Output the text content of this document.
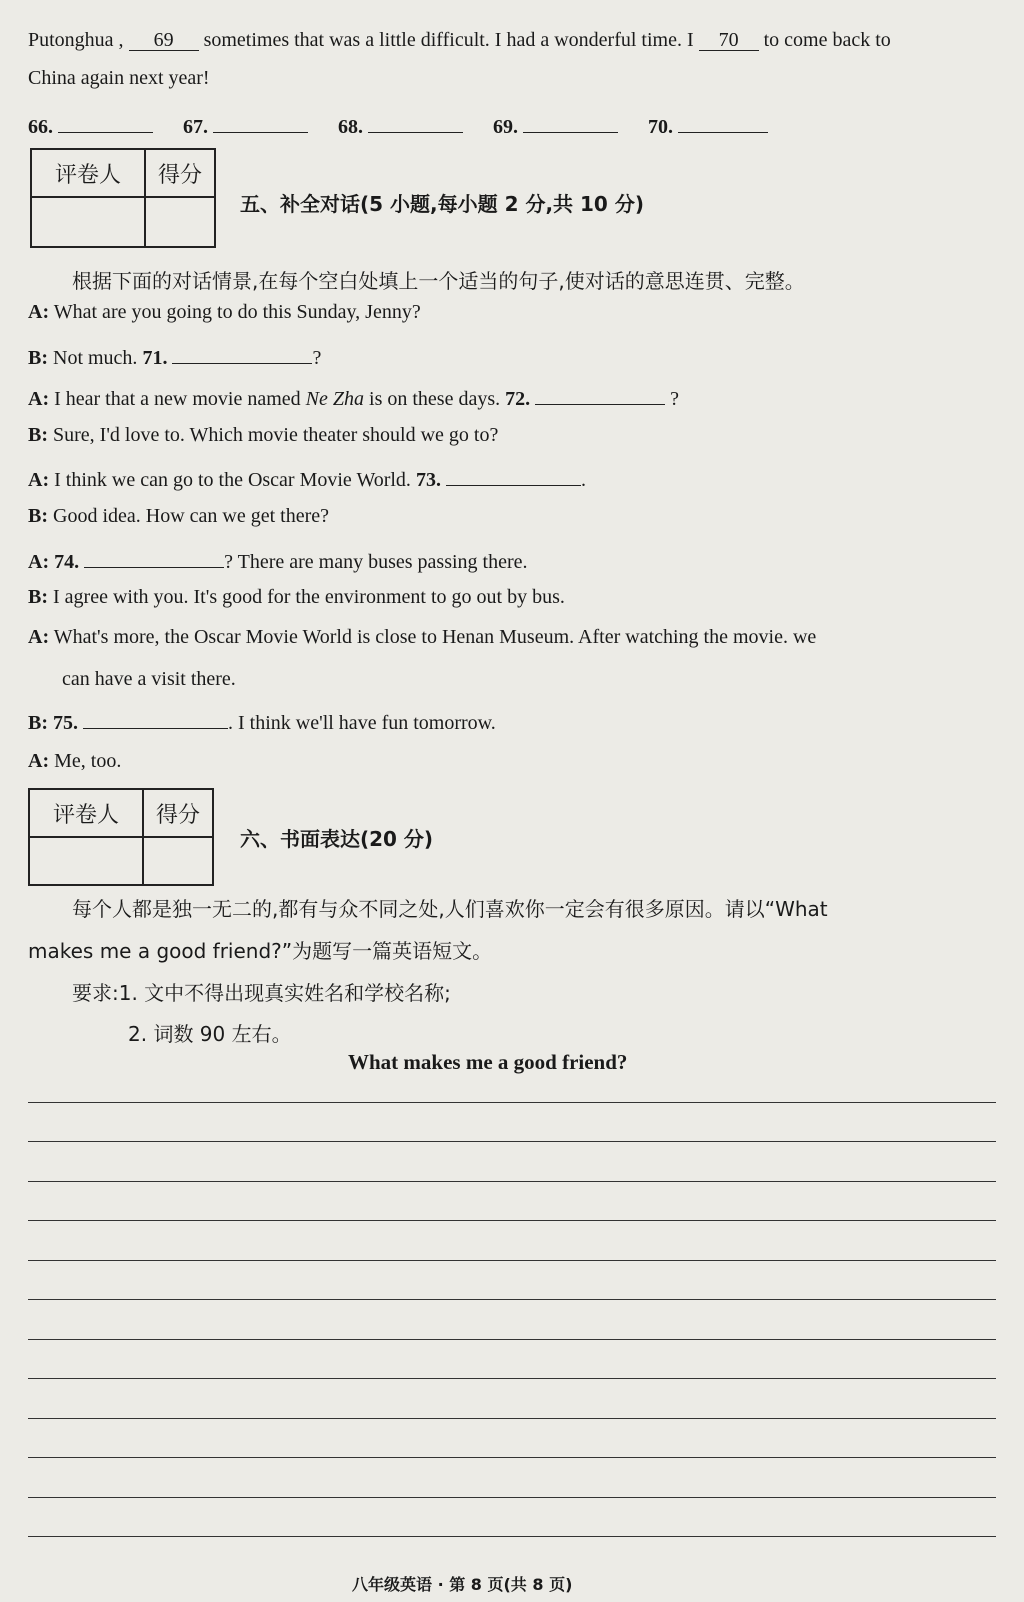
Putonghua , 69 sometimes that was a little difficult. I had a wonderful time. I 70 to come back to
China again next year!
66.	67.	68.	69.	70.
评卷人	得分

五、补全对话(5 小题,每小题 2 分,共 10 分)
根据下面的对话情景,在每个空白处填上一个适当的句子,使对话的意思连贯、完整。
A: What are you going to do this Sunday, Jenny?
B: Not much. 71.	?
A: I hear that a new movie named Ne Zha is on these days. 72.	?
B: Sure, I'd love to. Which movie theater should we go to?
A: I think we can go to the Oscar Movie World. 73.	.
B: Good idea. How can we get there?
A: 74.	? There are many buses passing there.
B: I agree with you. It's good for the environment to go out by bus.
A: What's more, the Oscar Movie World is close to Henan Museum. After watching the movie. we
can have a visit there.
B: 75.	. I think we'll have fun tomorrow.
A: Me, too.
评卷人	得分

六、书面表达(20 分)
每个人都是独一无二的,都有与众不同之处,人们喜欢你一定会有很多原因。请以“What
makes me a good friend?”为题写一篇英语短文。
要求:1. 文中不得出现真实姓名和学校名称;
2. 词数 90 左右。
What makes me a good friend?
八年级英语 · 第 8 页(共 8 页)
